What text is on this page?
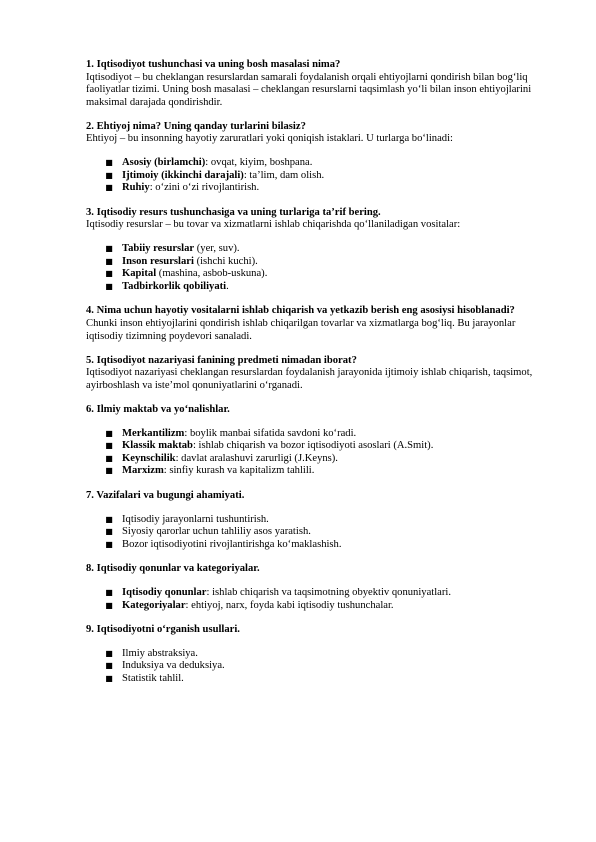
1. Iqtisodiyot tushunchasi va uning bosh masalasi nima?

Iqtisodiyot – bu cheklangan resurslardan samarali foydalanish orqali ehtiyojlarni qondirish bilan bog‘liq faoliyatlar tizimi. Uning bosh masalasi – cheklangan resurslarni taqsimlash yo‘li bilan inson ehtiyojlarini maksimal darajada qondirishdir.

2. Ehtiyoj nima? Uning qanday turlarini bilasiz?

Ehtiyoj – bu insonning hayotiy zaruratlari yoki qoniqish istaklari. U turlarga bo‘linadi:

■ Asosiy (birlamchi): ovqat, kiyim, boshpana.
■ Ijtimoiy (ikkinchi darajali): ta’lim, dam olish.
■ Ruhiy: o‘zini o‘zi rivojlantirish.

3. Iqtisodiy resurs tushunchasiga va uning turlariga ta’rif bering.

Iqtisodiy resurslar – bu tovar va xizmatlarni ishlab chiqarishda qo‘llaniladigan vositalar:

■ Tabiiy resurslar (yer, suv).
■ Inson resurslari (ishchi kuchi).
■ Kapital (mashina, asbob-uskuna).
■ Tadbirkorlik qobiliyati.

4. Nima uchun hayotiy vositalarni ishlab chiqarish va yetkazib berish eng asosiysi hisoblanadi?

Chunki inson ehtiyojlarini qondirish ishlab chiqarilgan tovarlar va xizmatlarga bog‘liq. Bu jarayonlar iqtisodiy tizimning poydevori sanaladi.

5. Iqtisodiyot nazariyasi fanining predmeti nimadan iborat?

Iqtisodiyot nazariyasi cheklangan resurslardan foydalanish jarayonida ijtimoiy ishlab chiqarish, taqsimot, ayirboshlash va iste’mol qonuniyatlarini o‘rganadi.

6. Ilmiy maktab va yo‘nalishlar.

■ Merkantilizm: boylik manbai sifatida savdoni ko‘radi.
■ Klassik maktab: ishlab chiqarish va bozor iqtisodiyoti asoslari (A.Smit).
■ Keynschilik: davlat aralashuvi zarurligi (J.Keyns).
■ Marxizm: sinfiy kurash va kapitalizm tahlili.

7. Vazifalari va bugungi ahamiyati.

■ Iqtisodiy jarayonlarni tushuntirish.
■ Siyosiy qarorlar uchun tahliliy asos yaratish.
■ Bozor iqtisodiyotini rivojlantirishga ko‘maklashish.

8. Iqtisodiy qonunlar va kategoriyalar.

■ Iqtisodiy qonunlar: ishlab chiqarish va taqsimotning obyektiv qonuniyatlari.
■ Kategoriyalar: ehtiyoj, narx, foyda kabi iqtisodiy tushunchalar.

9. Iqtisodiyotni o‘rganish usullari.

■ Ilmiy abstraksiya.
■ Induksiya va deduksiya.
■ Statistik tahlil.
